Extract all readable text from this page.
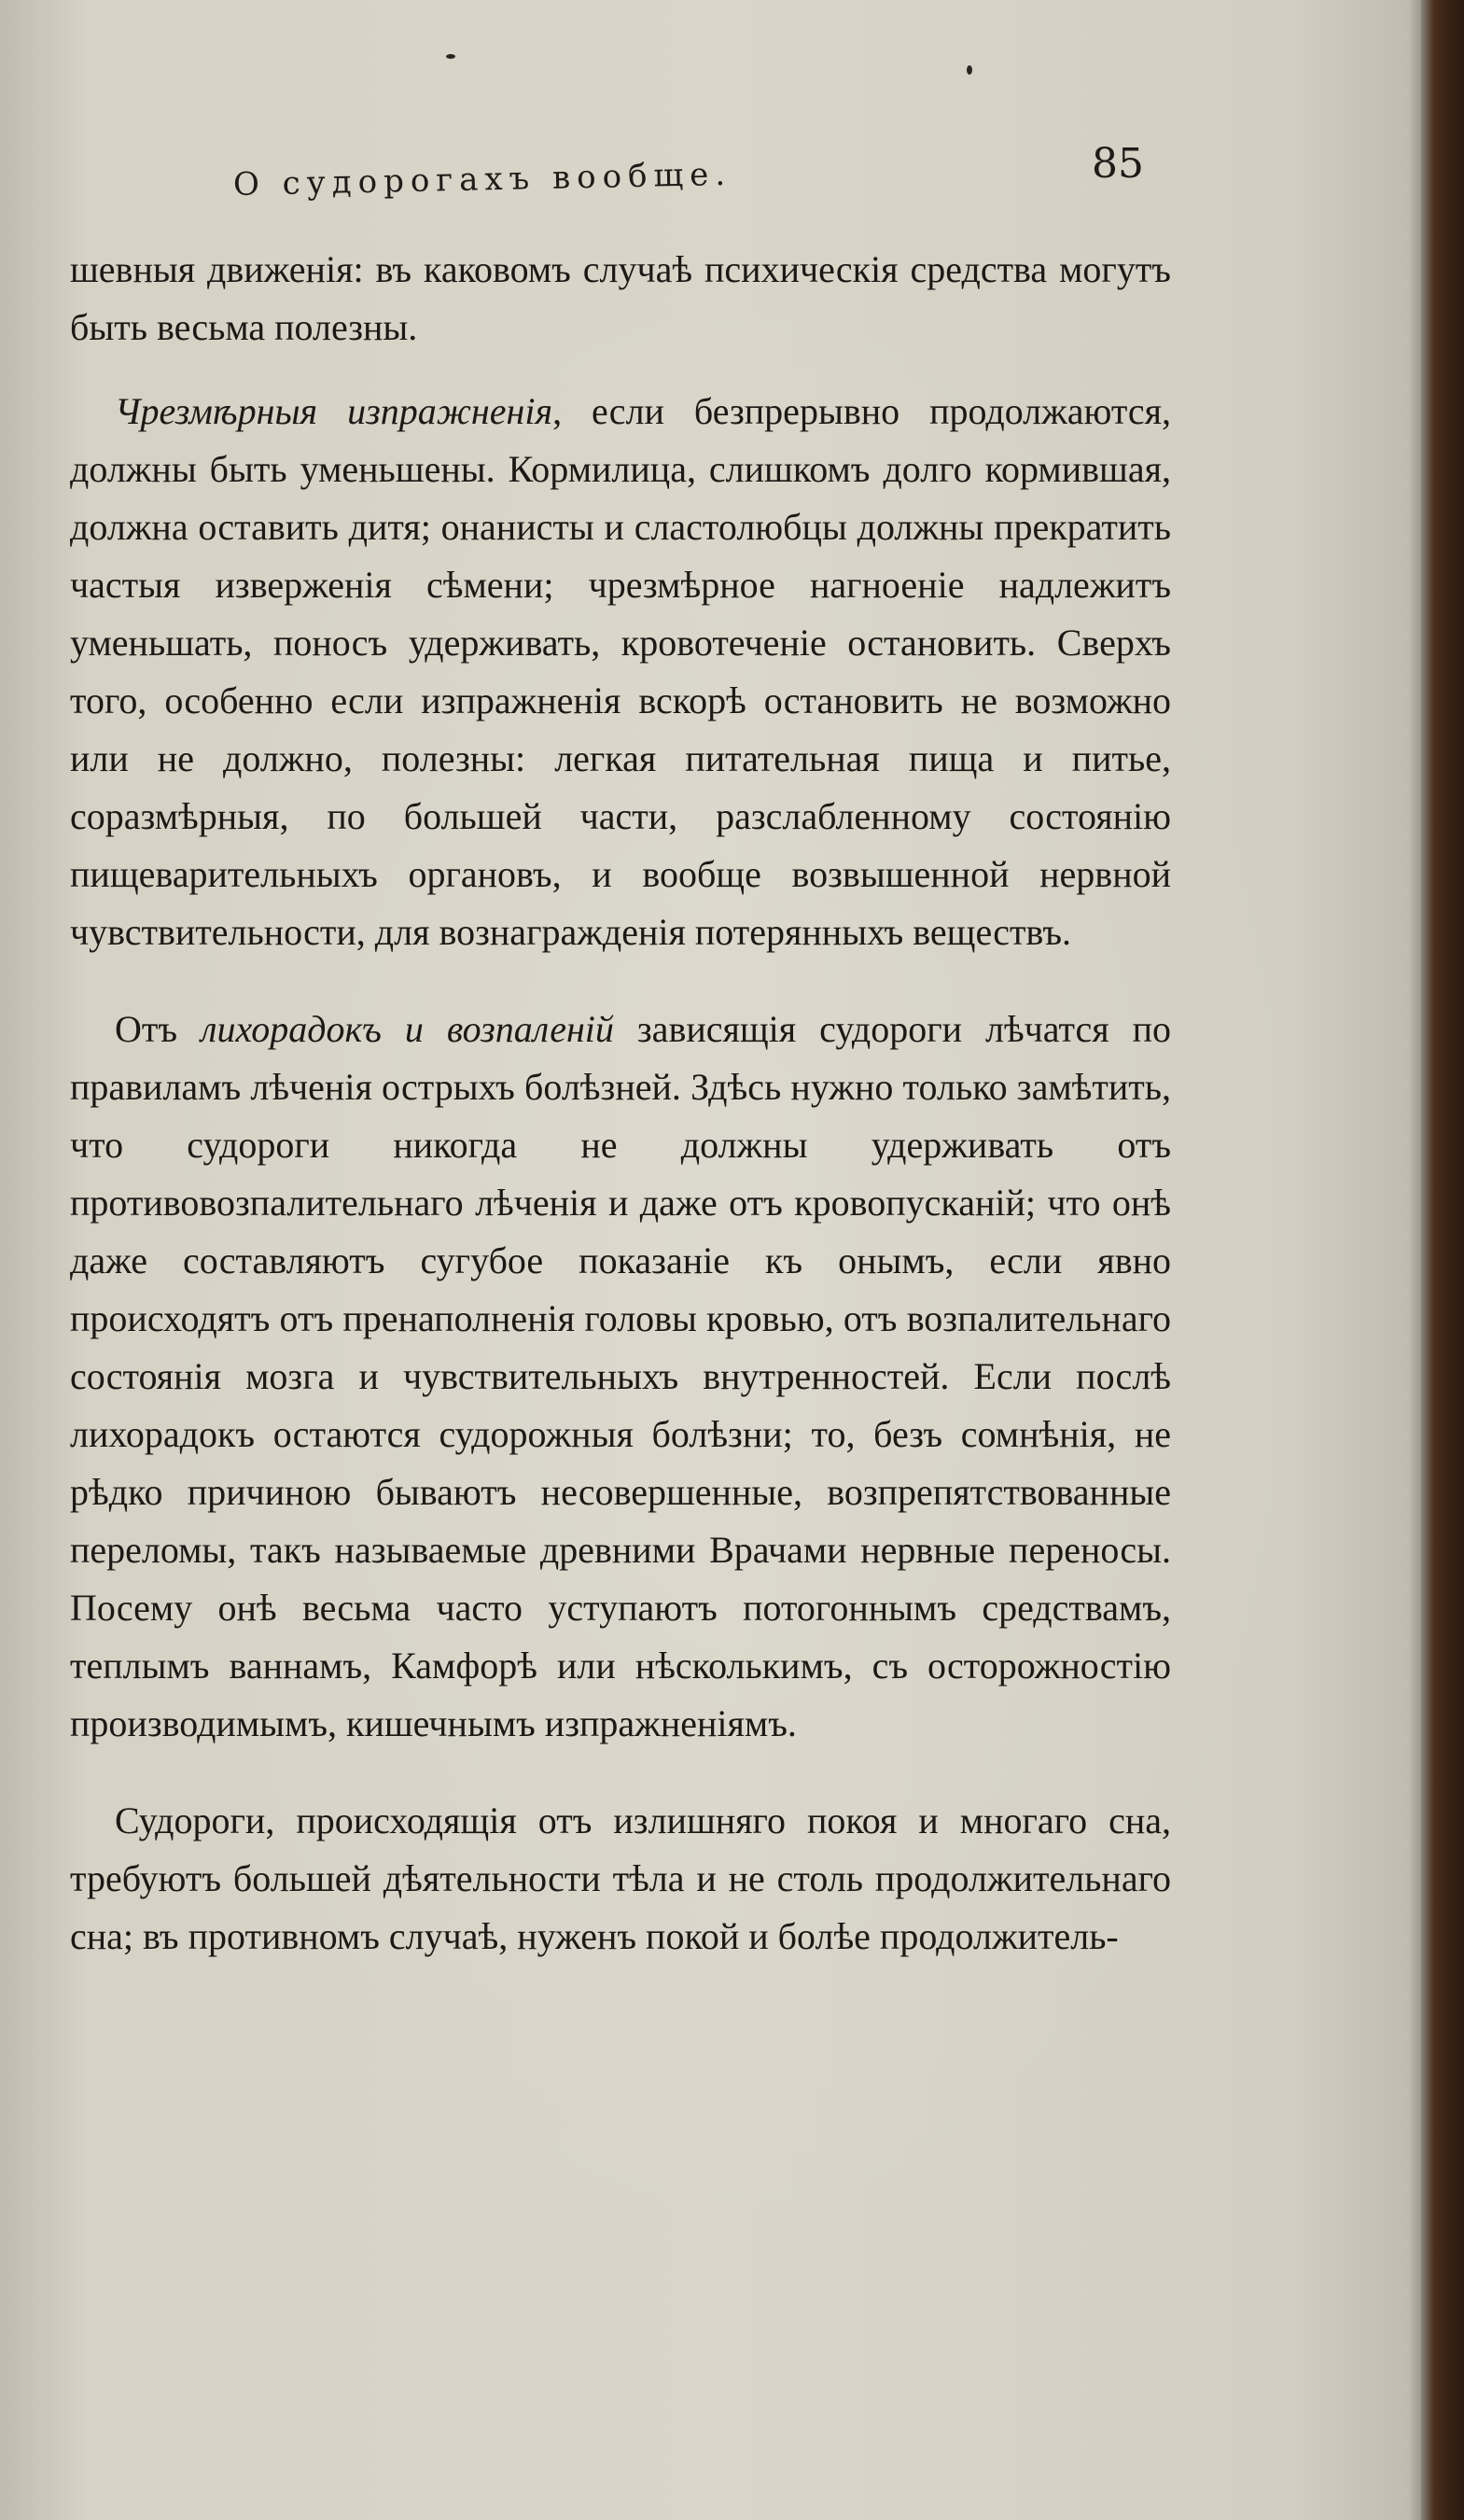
О судорогахъ вообще.	85

шевныя движенія: въ каковомъ случаѣ психическія средства могутъ быть весьма полезны.

Чрезмѣрныя изпражненія, если безпрерывно продолжаются, должны быть уменьшены. Кормилица, слишкомъ долго кормившая, должна оставить дитя; онанисты и сластолюбцы должны прекратить частыя изверженія сѣмени; чрезмѣрное нагноеніе надлежитъ уменьшать, поносъ удерживать, кровотеченіе остановить. Сверхъ того, особенно если изпражненія вскорѣ остановить не возможно или не должно, полезны: легкая питательная пища и питье, соразмѣрныя, по большей части, разслабленному состоянію пищеварительныхъ органовъ, и вообще возвышенной нервной чувствительности, для вознагражденія потерянныхъ веществъ.

Отъ лихорадокъ и возпаленій зависящія судороги лѣчатся по правиламъ лѣченія острыхъ болѣзней. Здѣсь нужно только замѣтить, что судороги никогда не должны удерживать отъ противовозпалительнаго лѣченія и даже отъ кровопусканій; что онѣ даже составляютъ сугубое показаніе къ онымъ, если явно происходятъ отъ пренаполненія головы кровью, отъ возпалительнаго состоянія мозга и чувствительныхъ внутренностей. Если послѣ лихорадокъ остаются судорожныя болѣзни; то, безъ сомнѣнія, не рѣдко причиною бываютъ несовершенные, возпрепятствованные переломы, такъ называемые древними Врачами нервные переносы. Посему онѣ весьма часто уступаютъ потогоннымъ средствамъ, теплымъ ваннамъ, Камфорѣ или нѣсколькимъ, съ осторожностію производимымъ, кишечнымъ изпражненіямъ.

Судороги, происходящія отъ излишняго покоя и многаго сна, требуютъ большей дѣятельности тѣла и не столь продолжительнаго сна; въ противномъ случаѣ, нуженъ покой и болѣе продолжитель-
